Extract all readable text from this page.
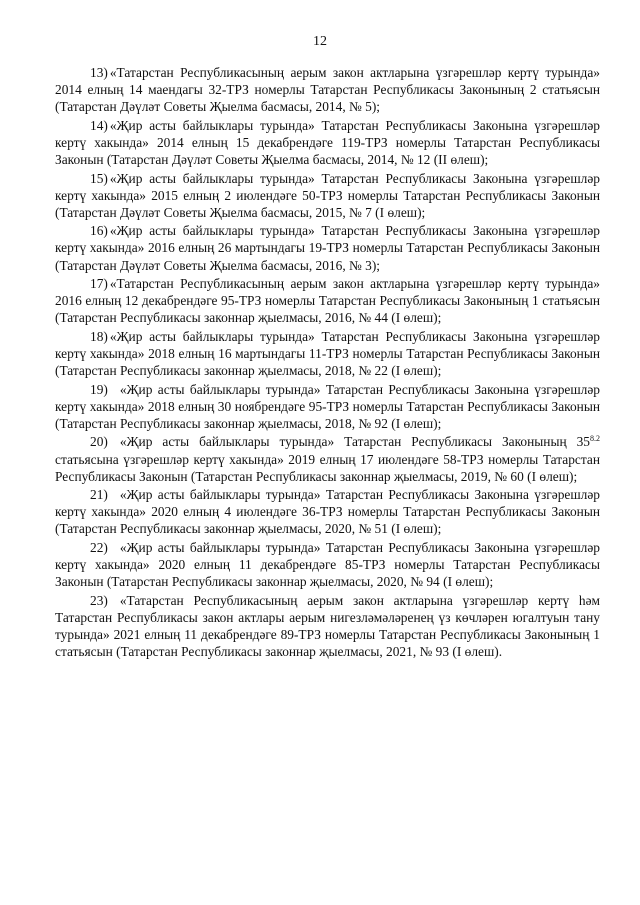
12

13) «Татарстан Республикасының аерым закон актларына үзгәрешләр кертү турында» 2014 елның 14 маендагы 32-ТРЗ номерлы Татарстан Республикасы Законының 2 статьясын (Татарстан Дәүләт Советы Җыелма басмасы, 2014, № 5);

14) «Җир асты байлыклары турында» Татарстан Республикасы Законына үзгәрешләр кертү хакында» 2014 елның 15 декабрендәге 119-ТРЗ номерлы Татарстан Республикасы Законын (Татарстан Дәүләт Советы Җыелма басмасы, 2014, № 12 (II өлеш);

15) «Җир асты байлыклары турында» Татарстан Республикасы Законына үзгәрешләр кертү хакында» 2015 елның 2 июлендәге 50-ТРЗ номерлы Татарстан Республикасы Законын (Татарстан Дәүләт Советы Җыелма басмасы, 2015, № 7 (I өлеш);

16) «Җир асты байлыклары турында» Татарстан Республикасы Законына үзгәрешләр кертү хакында» 2016 елның 26 мартындагы 19-ТРЗ номерлы Татарстан Республикасы Законын (Татарстан Дәүләт Советы Җыелма басмасы, 2016, № 3);

17) «Татарстан Республикасының аерым закон актларына үзгәрешләр кертү турында» 2016 елның 12 декабрендәге 95-ТРЗ номерлы Татарстан Республикасы Законының 1 статьясын (Татарстан Республикасы законнар җыелмасы, 2016, № 44 (I өлеш);

18) «Җир асты байлыклары турында» Татарстан Республикасы Законына үзгәрешләр кертү хакында» 2018 елның 16 мартындагы 11-ТРЗ номерлы Татарстан Республикасы Законын (Татарстан Республикасы законнар җыелмасы, 2018, № 22 (I өлеш);

19) «Җир асты байлыклары турында» Татарстан Республикасы Законына үзгәрешләр кертү хакында» 2018 елның 30 ноябрендәге 95-ТРЗ номерлы Татарстан Республикасы Законын (Татарстан Республикасы законнар җыелмасы, 2018, № 92 (I өлеш);

20) «Җир асты байлыклары турында» Татарстан Республикасы Законының $35^{8.2}$ статьясына үзгәрешләр кертү хакында» 2019 елның 17 июлендәге 58-ТРЗ номерлы Татарстан Республикасы Законын (Татарстан Республикасы законнар җыелмасы, 2019, № 60 (I өлеш);

21) «Җир асты байлыклары турында» Татарстан Республикасы Законына үзгәрешләр кертү хакында» 2020 елның 4 июлендәге 36-ТРЗ номерлы Татарстан Республикасы Законын (Татарстан Республикасы законнар җыелмасы, 2020, № 51 (I өлеш);

22) «Җир асты байлыклары турында» Татарстан Республикасы Законына үзгәрешләр кертү хакында» 2020 елның 11 декабрендәге 85-ТРЗ номерлы Татарстан Республикасы Законын (Татарстан Республикасы законнар җыелмасы, 2020, № 94 (I өлеш);

23) «Татарстан Республикасының аерым закон актларына үзгәрешләр кертү һәм Татарстан Республикасы закон актлары аерым нигезләмәләренең үз көчләрен югалтуын тану турында» 2021 елның 11 декабрендәге 89-ТРЗ номерлы Татарстан Республикасы Законының 1 статьясын (Татарстан Республикасы законнар җыелмасы, 2021, № 93 (I өлеш).
